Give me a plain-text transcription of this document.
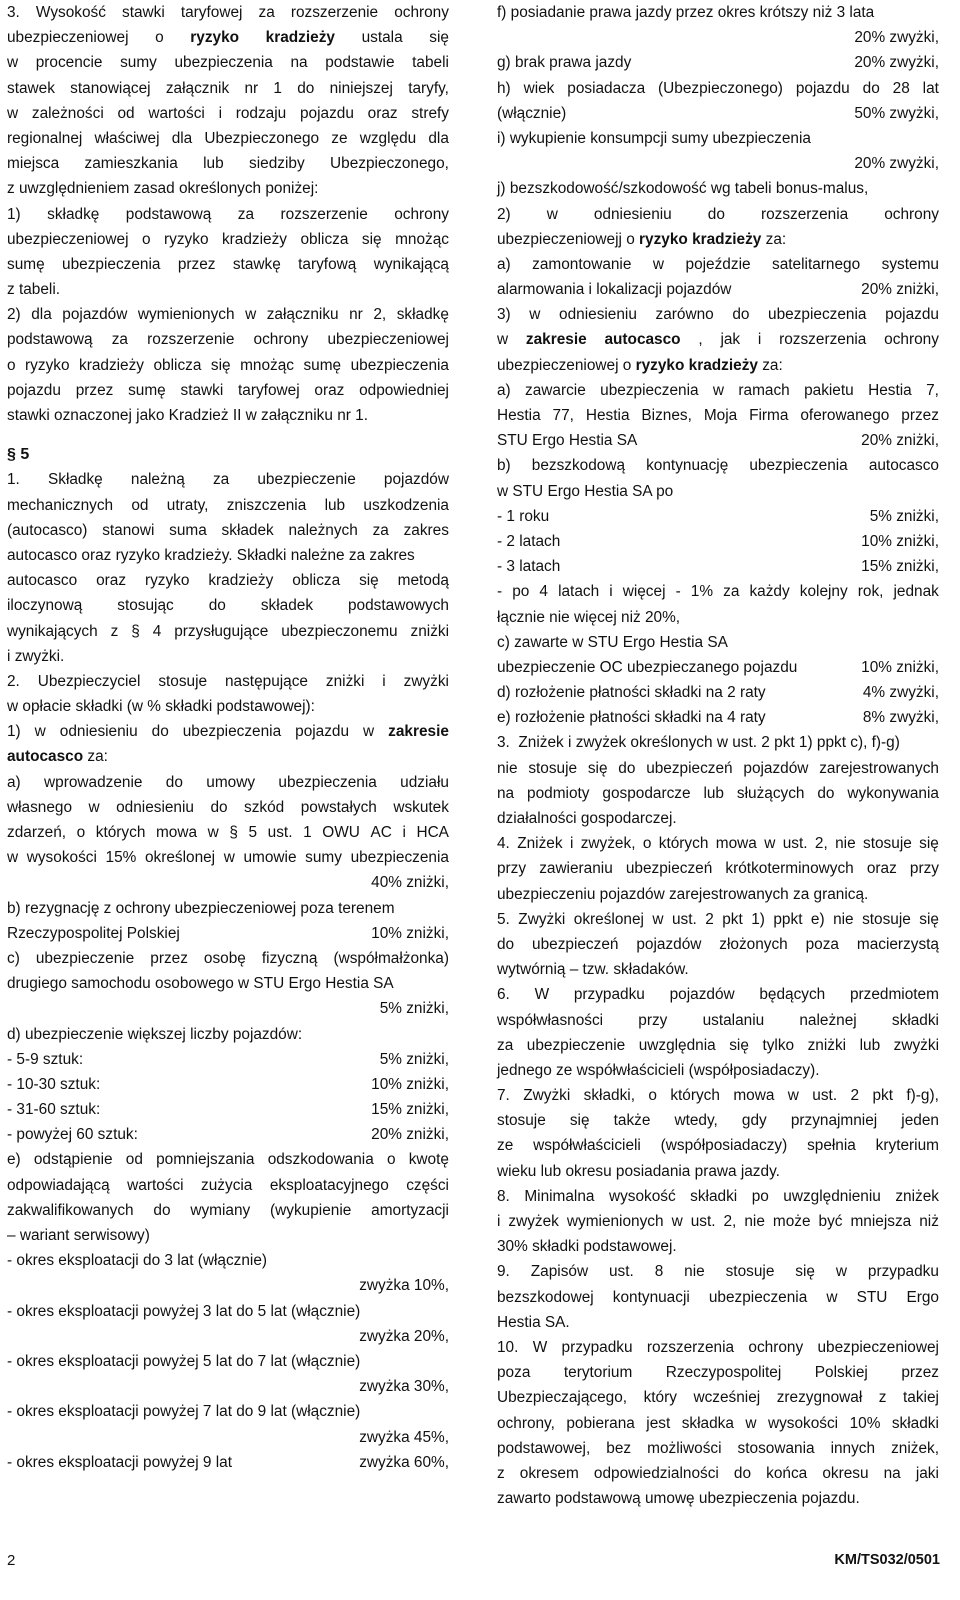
3. Wysokość stawki taryfowej za rozszerzenie ochrony
ubezpieczeniowej o ryzyko kradzieży ustala się
w procencie sumy ubezpieczenia na podstawie tabeli
stawek stanowiącej załącznik nr 1 do niniejszej taryfy,
w zależności od wartości i rodzaju pojazdu oraz strefy
regionalnej właściwej dla Ubezpieczonego ze względu dla
miejsca zamieszkania lub siedziby Ubezpieczonego,
z uwzględnieniem zasad określonych poniżej:
1) składkę podstawową za rozszerzenie ochrony
ubezpieczeniowej o ryzyko kradzieży oblicza się mnożąc
sumę ubezpieczenia przez stawkę taryfową wynikającą
z tabeli.
2) dla pojazdów wymienionych w załączniku nr 2, składkę
podstawową za rozszerzenie ochrony ubezpieczeniowej
o ryzyko kradzieży oblicza się mnożąc sumę ubezpieczenia
pojazdu przez sumę stawki taryfowej oraz odpowiedniej
stawki oznaczonej jako Kradzież II w załączniku nr 1.
§ 5
1. Składkę należną za ubezpieczenie pojazdów
mechanicznych od utraty, zniszczenia lub uszkodzenia
(autocasco) stanowi suma składek należnych za zakres
autocasco oraz ryzyko kradzieży. Składki należne za zakres
autocasco oraz ryzyko kradzieży oblicza się metodą
iloczynową stosując do składek podstawowych
wynikających z § 4 przysługujące ubezpieczonemu zniżki
i zwyżki.
2. Ubezpieczyciel stosuje następujące zniżki i zwyżki
w opłacie składki (w % składki podstawowej):
1) w odniesieniu do ubezpieczenia pojazdu w zakresie
autocasco za:
a) wprowadzenie do umowy ubezpieczenia udziału
własnego w odniesieniu do szkód powstałych wskutek
zdarzeń, o których mowa w § 5 ust. 1 OWU AC i HCA
w wysokości 15% określonej w umowie sumy ubezpieczenia
40% zniżki,
b) rezygnację z ochrony ubezpieczeniowej poza terenem
Rzeczypospolitej Polskiej	10% zniżki,
c) ubezpieczenie przez osobę fizyczną (współmałżonka)
drugiego samochodu osobowego w STU Ergo Hestia SA
5% zniżki,
d) ubezpieczenie większej liczby pojazdów:
- 5-9 sztuk:	5% zniżki,
- 10-30 sztuk:	10% zniżki,
- 31-60 sztuk:	15% zniżki,
- powyżej 60 sztuk:	20% zniżki,
e) odstąpienie od pomniejszania odszkodowania o kwotę
odpowiadającą wartości zużycia eksploatacyjnego części
zakwalifikowanych do wymiany (wykupienie amortyzacji
– wariant serwisowy)
- okres eksploatacji do 3 lat (włącznie)
zwyżka 10%,
- okres eksploatacji powyżej 3 lat do 5 lat (włącznie)
zwyżka 20%,
- okres eksploatacji powyżej 5 lat do 7 lat (włącznie)
zwyżka 30%,
- okres eksploatacji powyżej 7 lat do 9 lat (włącznie)
zwyżka 45%,
- okres eksploatacji powyżej 9 lat	zwyżka 60%,
f) posiadanie prawa jazdy przez okres krótszy niż 3 lata
20% zwyżki,
g) brak prawa jazdy	20% zwyżki,
h) wiek posiadacza (Ubezpieczonego) pojazdu do 28 lat
(włącznie)	50% zwyżki,
i) wykupienie konsumpcji sumy ubezpieczenia
20% zwyżki,
j) bezszkodowość/szkodowość wg tabeli bonus-malus,
2) w odniesieniu do rozszerzenia ochrony
ubezpieczeniowejj o ryzyko kradzieży za:
a) zamontowanie w pojeździe satelitarnego systemu
alarmowania i lokalizacji pojazdów	20% zniżki,
3) w odniesieniu zarówno do ubezpieczenia pojazdu
w zakresie autocasco , jak i rozszerzenia ochrony
ubezpieczeniowej o ryzyko kradzieży za:
a) zawarcie ubezpieczenia w ramach pakietu Hestia 7,
Hestia 77, Hestia Biznes, Moja Firma oferowanego przez
STU Ergo Hestia SA	20% zniżki,
b) bezszkodową kontynuację ubezpieczenia autocasco
w STU Ergo Hestia SA po
- 1 roku	5% zniżki,
- 2 latach	10% zniżki,
- 3 latach	15% zniżki,
- po 4 latach i więcej - 1% za każdy kolejny rok, jednak
łącznie nie więcej niż 20%,
c) zawarte w STU Ergo Hestia SA
ubezpieczenie OC ubezpieczanego pojazdu	10% zniżki,
d) rozłożenie płatności składki na 2 raty	4% zwyżki,
e) rozłożenie płatności składki na 4 raty	8% zwyżki,
3.  Zniżek i zwyżek określonych w ust. 2 pkt 1) ppkt c), f)-g)
nie stosuje się do ubezpieczeń pojazdów zarejestrowanych
na podmioty gospodarcze lub służących do wykonywania
działalności gospodarczej.
4. Zniżek i zwyżek, o których mowa w ust. 2, nie stosuje się
przy zawieraniu ubezpieczeń krótkoterminowych oraz przy
ubezpieczeniu pojazdów zarejestrowanych za granicą.
5. Zwyżki określonej w ust. 2 pkt 1) ppkt e) nie stosuje się
do ubezpieczeń pojazdów złożonych poza macierzystą
wytwórnią – tzw. składaków.
6. W przypadku pojazdów będących przedmiotem
współwłasności przy ustalaniu należnej składki
za ubezpieczenie uwzględnia się tylko zniżki lub zwyżki
jednego ze współwłaścicieli (współposiadaczy).
7. Zwyżki składki, o których mowa w ust. 2 pkt f)-g),
stosuje się także wtedy, gdy przynajmniej jeden
ze współwłaścicieli (współposiadaczy) spełnia kryterium
wieku lub okresu posiadania prawa jazdy.
8. Minimalna wysokość składki po uwzględnieniu zniżek
i zwyżek wymienionych w ust. 2, nie może być mniejsza niż
30% składki podstawowej.
9. Zapisów ust. 8 nie stosuje się w przypadku
bezszkodowej kontynuacji ubezpieczenia w STU Ergo
Hestia SA.
10. W przypadku rozszerzenia ochrony ubezpieczeniowej
poza terytorium Rzeczypospolitej Polskiej przez
Ubezpieczającego, który wcześniej zrezygnował z takiej
ochrony, pobierana jest składka w wysokości 10% składki
podstawowej, bez możliwości stosowania innych zniżek,
z okresem odpowiedzialności do końca okresu na jaki
zawarto podstawową umowę ubezpieczenia pojazdu.
2	KM/TS032/0501
